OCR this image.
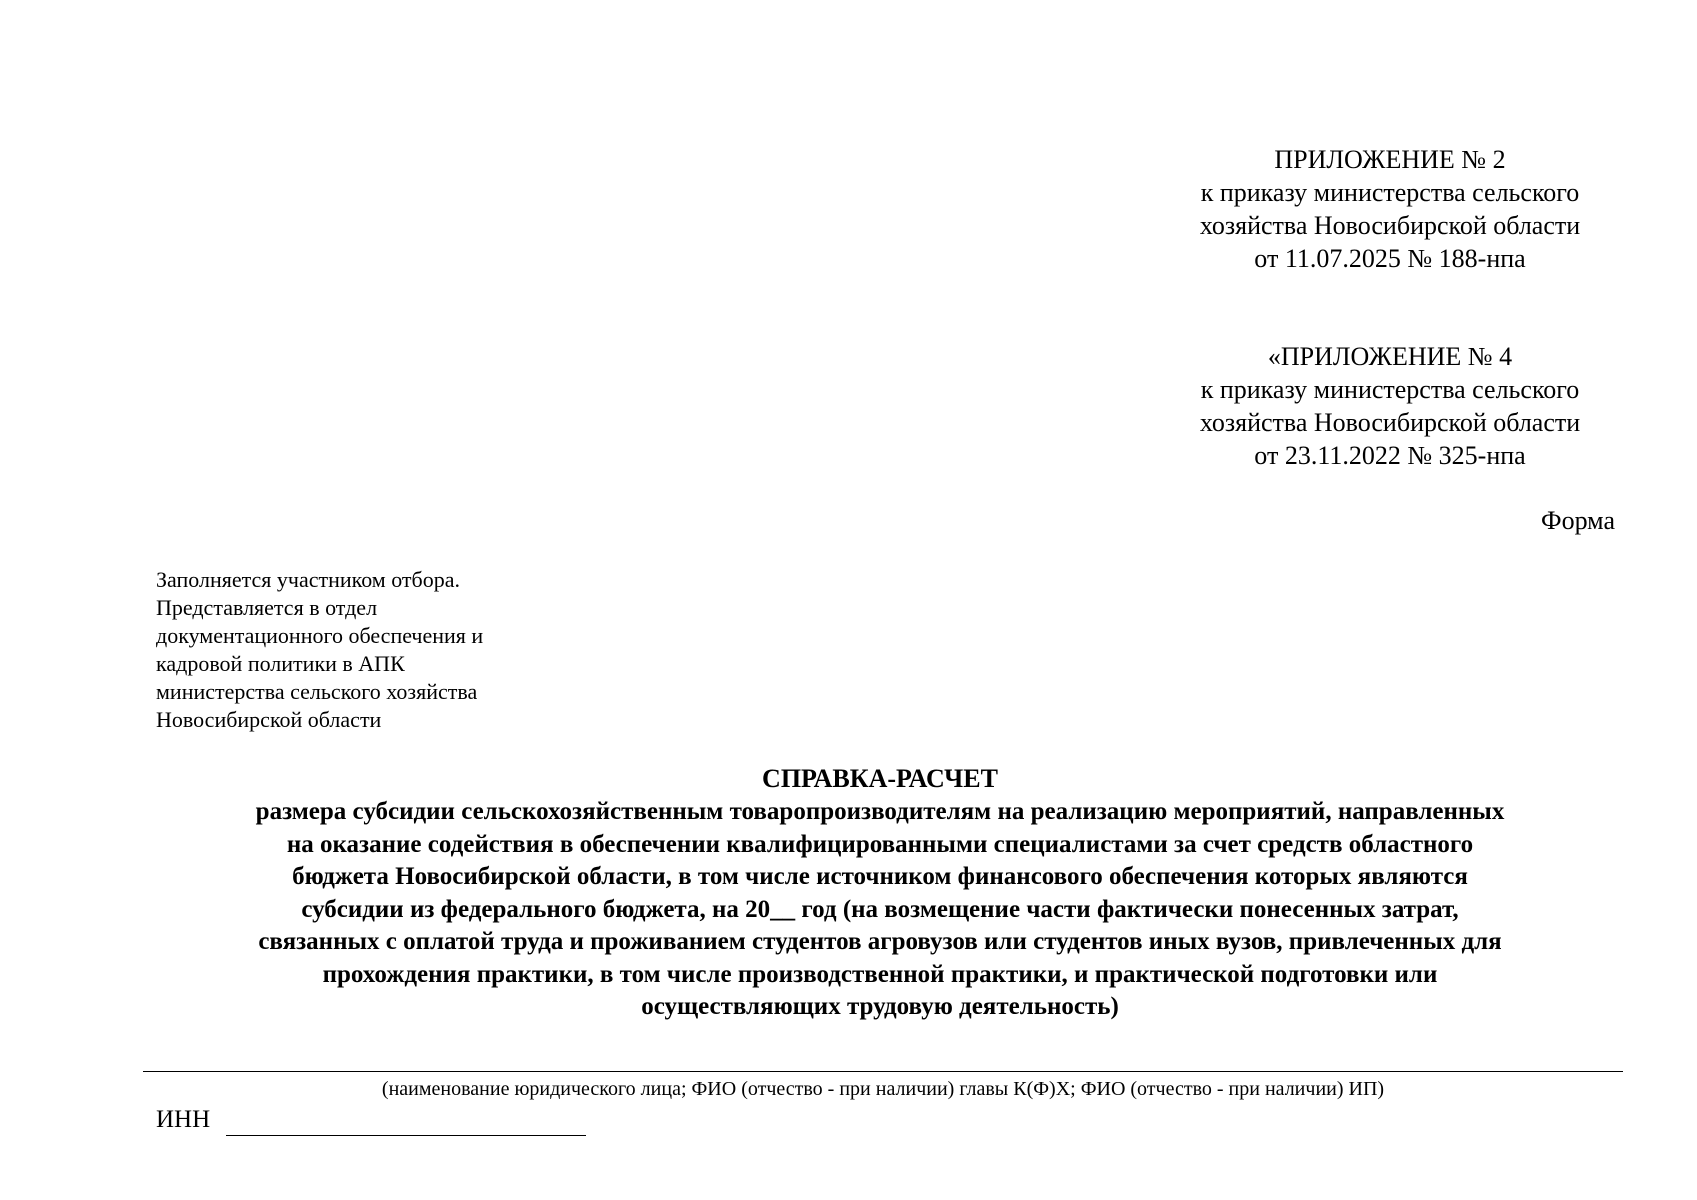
ПРИЛОЖЕНИЕ № 2
к приказу министерства сельского
хозяйства Новосибирской области
от 11.07.2025 № 188-нпа
«ПРИЛОЖЕНИЕ № 4
к приказу министерства сельского
хозяйства Новосибирской области
от 23.11.2022 № 325-нпа
Форма
Заполняется участником отбора.
Представляется в отдел
документационного обеспечения и
кадровой политики в АПК
министерства сельского хозяйства
Новосибирской области
СПРАВКА-РАСЧЕТ
размера субсидии сельскохозяйственным товаропроизводителям на реализацию мероприятий, направленных
на оказание содействия в обеспечении квалифицированными специалистами за счет средств областного
бюджета Новосибирской области, в том числе источником финансового обеспечения которых являются
субсидии из федерального бюджета, на 20__ год (на возмещение части фактически понесенных затрат,
связанных с оплатой труда и проживанием студентов агровузов или студентов иных вузов, привлеченных для
прохождения практики, в том числе производственной практики, и практической подготовки или
осуществляющих трудовую деятельность)
(наименование юридического лица; ФИО (отчество - при наличии) главы К(Ф)Х; ФИО (отчество - при наличии) ИП)
ИНН
